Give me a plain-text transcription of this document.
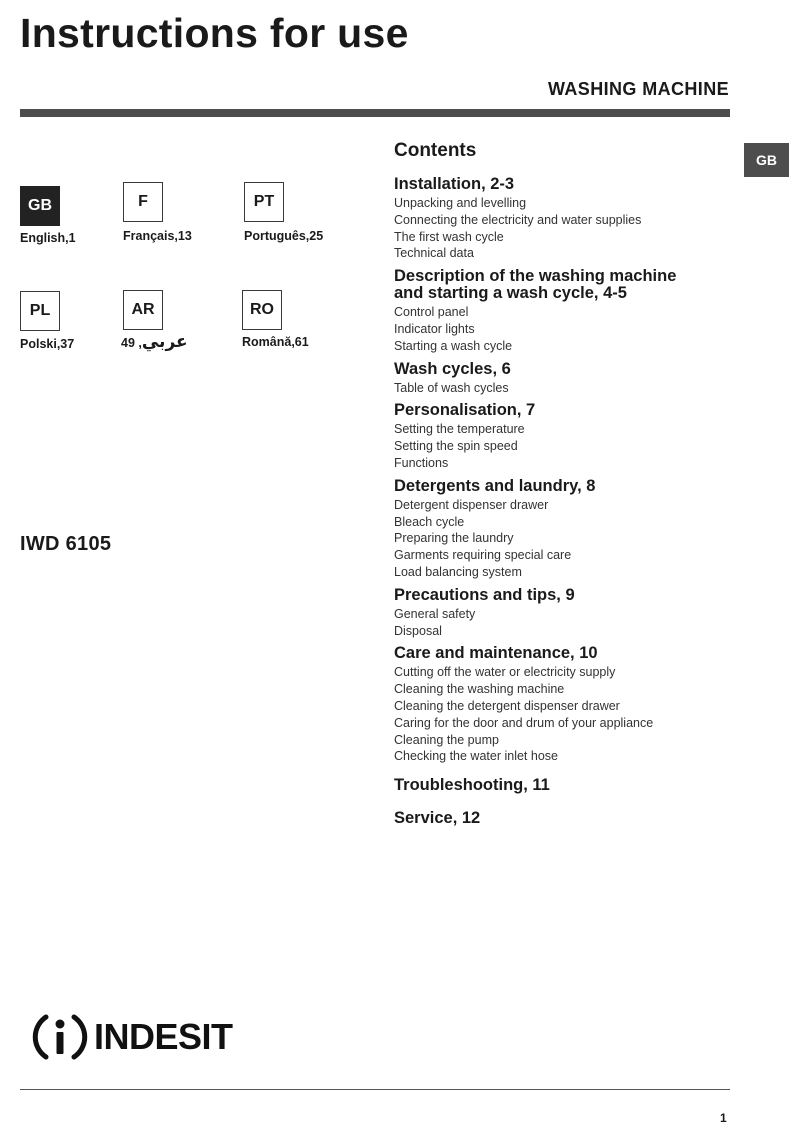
Instructions for use
WASHING MACHINE
GB
GB
English,1
F
Français,13
PT
Português,25
PL
Polski,37
AR
عربي, 49
RO
Română,61
IWD 6105
Contents
Installation, 2-3
Unpacking and levelling
Connecting the electricity and water supplies
The first wash cycle
Technical data
Description of the washing machine
and starting a wash cycle, 4-5
Control panel
Indicator lights
Starting a wash cycle
Wash cycles, 6
Table of wash cycles
Personalisation, 7
Setting the temperature
Setting the spin speed
Functions
Detergents and laundry, 8
Detergent dispenser drawer
Bleach cycle
Preparing the laundry
Garments requiring special care
Load balancing system
Precautions and tips, 9
General safety
Disposal
Care and maintenance, 10
Cutting off the water or electricity supply
Cleaning the washing machine
Cleaning the detergent dispenser drawer
Caring for the door and drum of your appliance
Cleaning the pump
Checking the water inlet hose
Troubleshooting, 11
Service, 12
INDESIT
1
